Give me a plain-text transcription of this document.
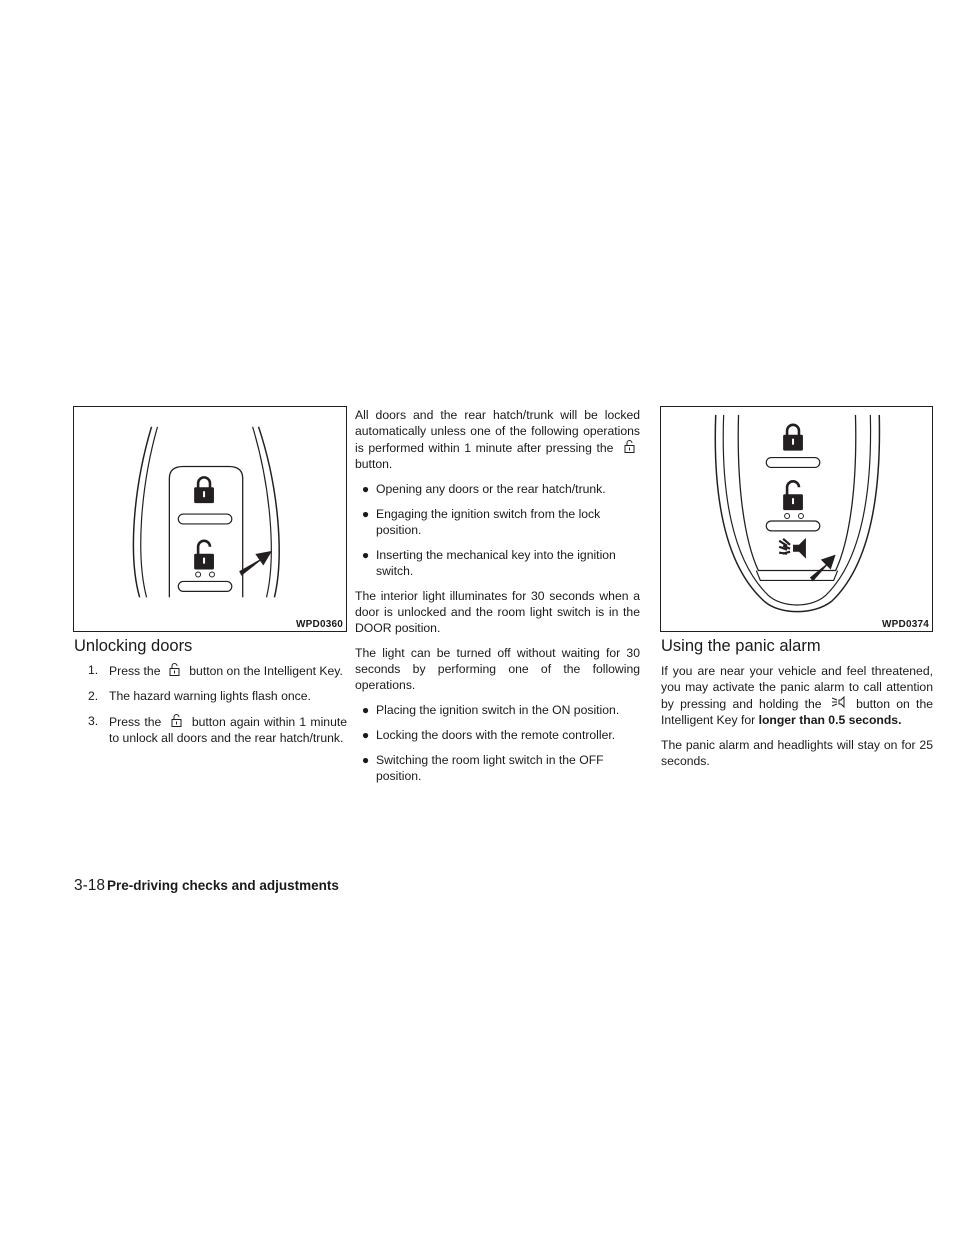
WPD0360
Unlocking doors
1. Press the button on the Intelligent Key.
2. The hazard warning lights flash once.
3. Press the	button again within 1 minute to unlock all doors and the rear hatch/trunk.

All doors and the rear hatch/trunk will be locked automatically unless one of the following operations is performed within 1 minute after pressing the  button.

● Opening any doors or the rear hatch/trunk.
● Engaging the ignition switch from the lock position.
● Inserting the mechanical key into the ignition switch.

The interior light illuminates for 30 seconds when a door is unlocked and the room light switch is in the DOOR position.

The light can be turned off without waiting for 30 seconds by performing one of the following operations.

● Placing the ignition switch in the ON position.
● Locking the doors with the remote controller.
● Switching the room light switch in the OFF position.
WPD0374
Using the panic alarm

If you are near your vehicle and feel threatened, you may activate the panic alarm to call attention by pressing and holding the	button on the Intelligent Key for longer than 0.5 seconds.

The panic alarm and headlights will stay on for 25 seconds.

3-18 Pre-driving checks and adjustments
